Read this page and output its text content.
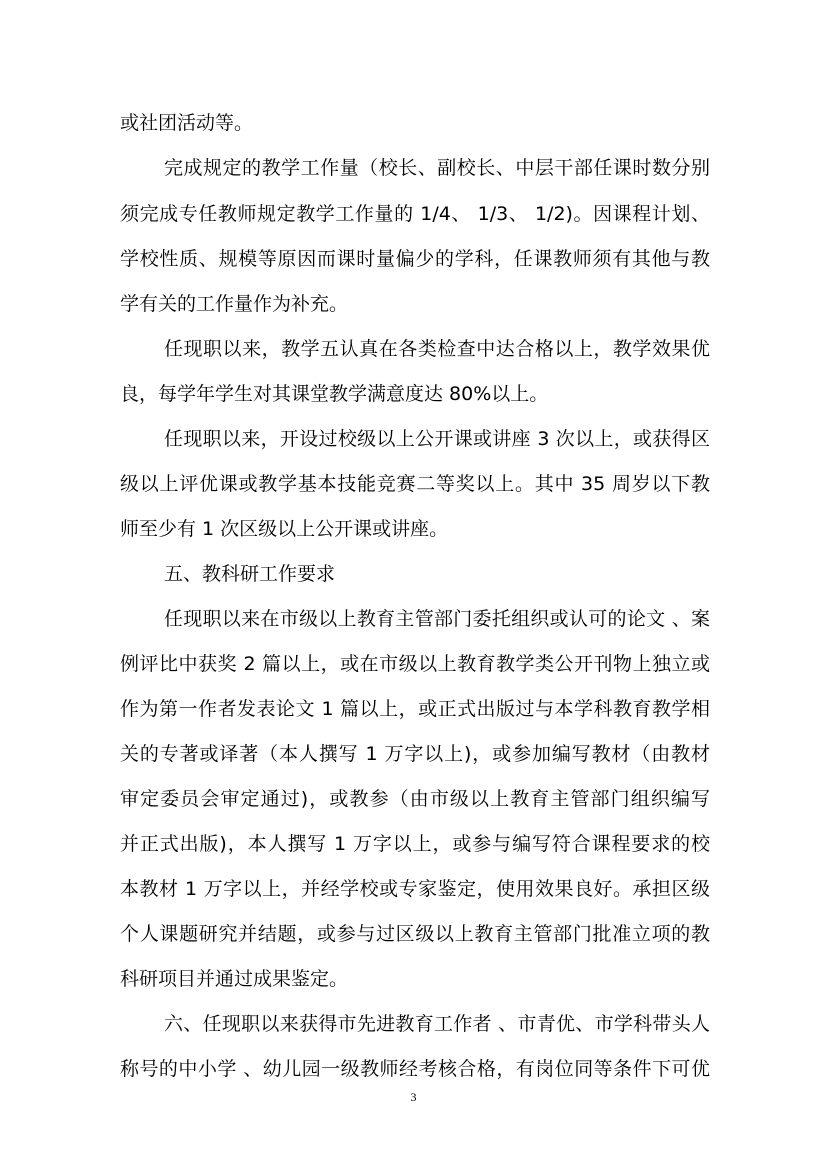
或社团活动等。
完成规定的教学工作量（校长、副校长、中层干部任课时数分别
须完成专任教师规定教学工作量的 1/4、 1/3、 1/2)。因课程计划、
学校性质、规模等原因而课时量偏少的学科，任课教师须有其他与教
学有关的工作量作为补充。
任现职以来，教学五认真在各类检查中达合格以上，教学效果优
良，每学年学生对其课堂教学满意度达 80%以上。
任现职以来，开设过校级以上公开课或讲座 3 次以上，或获得区
级以上评优课或教学基本技能竞赛二等奖以上。其中 35 周岁以下教
师至少有 1 次区级以上公开课或讲座。
五、教科研工作要求
任现职以来在市级以上教育主管部门委托组织或认可的论文 、案
例评比中获奖 2 篇以上，或在市级以上教育教学类公开刊物上独立或
作为第一作者发表论文 1 篇以上，或正式出版过与本学科教育教学相
关的专著或译著（本人撰写 1 万字以上)，或参加编写教材（由教材
审定委员会审定通过)，或教参（由市级以上教育主管部门组织编写
并正式出版)，本人撰写 1 万字以上，或参与编写符合课程要求的校
本教材 1 万字以上，并经学校或专家鉴定，使用效果良好。承担区级
个人课题研究并结题，或参与过区级以上教育主管部门批准立项的教
科研项目并通过成果鉴定。
六、任现职以来获得市先进教育工作者 、市青优、市学科带头人
称号的中小学 、幼儿园一级教师经考核合格，有岗位同等条件下可优
3
